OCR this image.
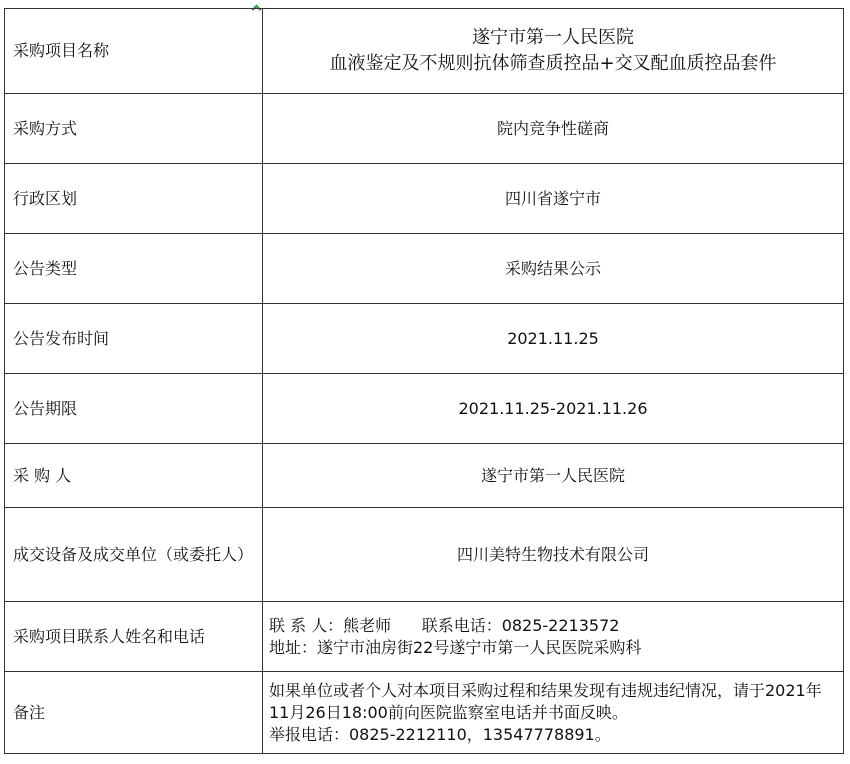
采购项目名称	遂宁市第一人民医院
血液鉴定及不规则抗体筛查质控品+交叉配血质控品套件

采购方式	院内竞争性磋商
行政区划	四川省遂宁市
公告类型	采购结果公示
公告发布时间	2021.11.25
公告期限	2021.11.25-2021.11.26
采 购 人	遂宁市第一人民医院
成交设备及成交单位（或委托人）	四川美特生物技术有限公司
采购项目联系人姓名和电话	联 系 人：熊老师      联系电话：0825-2213572
地址：遂宁市油房街22号遂宁市第一人民医院采购科

备注	如果单位或者个人对本项目采购过程和结果发现有违规违纪情况，请于2021年11月26日18:00前向医院监察室电话并书面反映。
举报电话：0825-2212110，13547778891。
